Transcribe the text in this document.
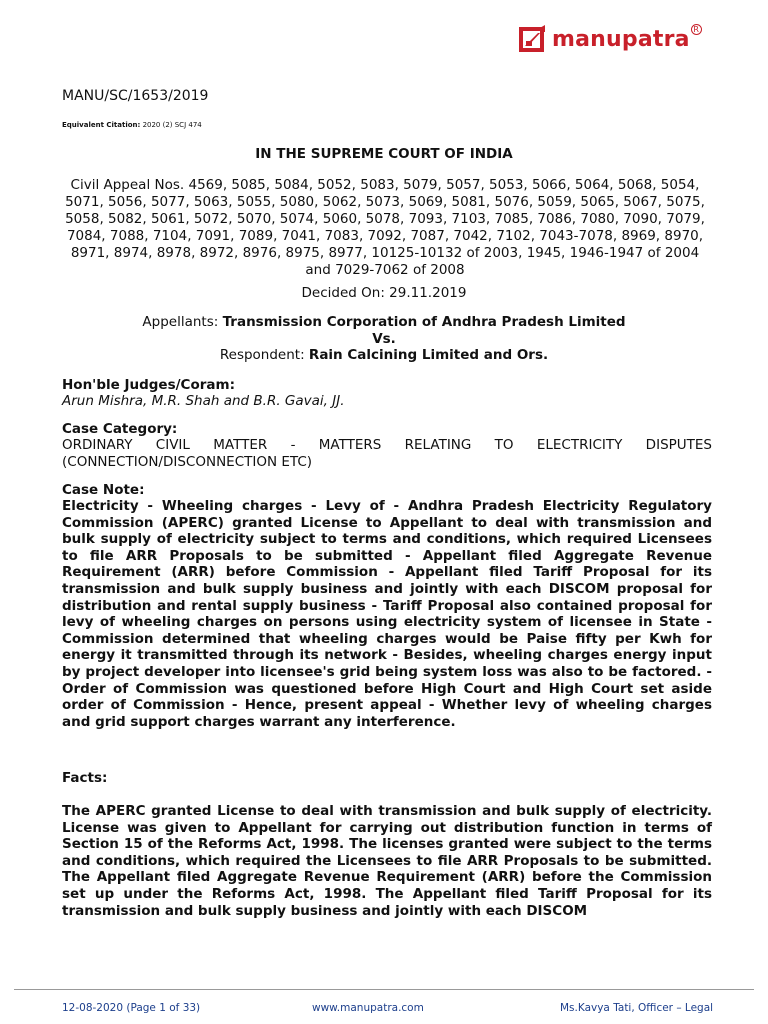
manupatra R
MANU/SC/1653/2019
Equivalent Citation: 2020 (2) SCJ 474
IN THE SUPREME COURT OF INDIA
Civil Appeal Nos. 4569, 5085, 5084, 5052, 5083, 5079, 5057, 5053, 5066, 5064, 5068, 5054, 5071, 5056, 5077, 5063, 5055, 5080, 5062, 5073, 5069, 5081, 5076, 5059, 5065, 5067, 5075, 5058, 5082, 5061, 5072, 5070, 5074, 5060, 5078, 7093, 7103, 7085, 7086, 7080, 7090, 7079, 7084, 7088, 7104, 7091, 7089, 7041, 7083, 7092, 7087, 7042, 7102, 7043-7078, 8969, 8970, 8971, 8974, 8978, 8972, 8976, 8975, 8977, 10125-10132 of 2003, 1945, 1946-1947 of 2004 and 7029-7062 of 2008
Decided On: 29.11.2019
Appellants: Transmission Corporation of Andhra Pradesh Limited
Vs.
Respondent: Rain Calcining Limited and Ors.
Hon'ble Judges/Coram:
Arun Mishra, M.R. Shah and B.R. Gavai, JJ.
Case Category:
ORDINARY CIVIL MATTER - MATTERS RELATING TO ELECTRICITY DISPUTES (CONNECTION/DISCONNECTION ETC)
Case Note:
Electricity - Wheeling charges - Levy of - Andhra Pradesh Electricity Regulatory Commission (APERC) granted License to Appellant to deal with transmission and bulk supply of electricity subject to terms and conditions, which required Licensees to file ARR Proposals to be submitted - Appellant filed Aggregate Revenue Requirement (ARR) before Commission - Appellant filed Tariff Proposal for its transmission and bulk supply business and jointly with each DISCOM proposal for distribution and rental supply business - Tariff Proposal also contained proposal for levy of wheeling charges on persons using electricity system of licensee in State - Commission determined that wheeling charges would be Paise fifty per Kwh for energy it transmitted through its network - Besides, wheeling charges energy input by project developer into licensee's grid being system loss was also to be factored. - Order of Commission was questioned before High Court and High Court set aside order of Commission - Hence, present appeal - Whether levy of wheeling charges and grid support charges warrant any interference.
Facts:
The APERC granted License to deal with transmission and bulk supply of electricity. License was given to Appellant for carrying out distribution function in terms of Section 15 of the Reforms Act, 1998. The licenses granted were subject to the terms and conditions, which required the Licensees to file ARR Proposals to be submitted. The Appellant filed Aggregate Revenue Requirement (ARR) before the Commission set up under the Reforms Act, 1998. The Appellant filed Tariff Proposal for its transmission and bulk supply business and jointly with each DISCOM
12-08-2020 (Page 1 of 33)	www.manupatra.com	Ms.Kavya Tati, Officer – Legal
